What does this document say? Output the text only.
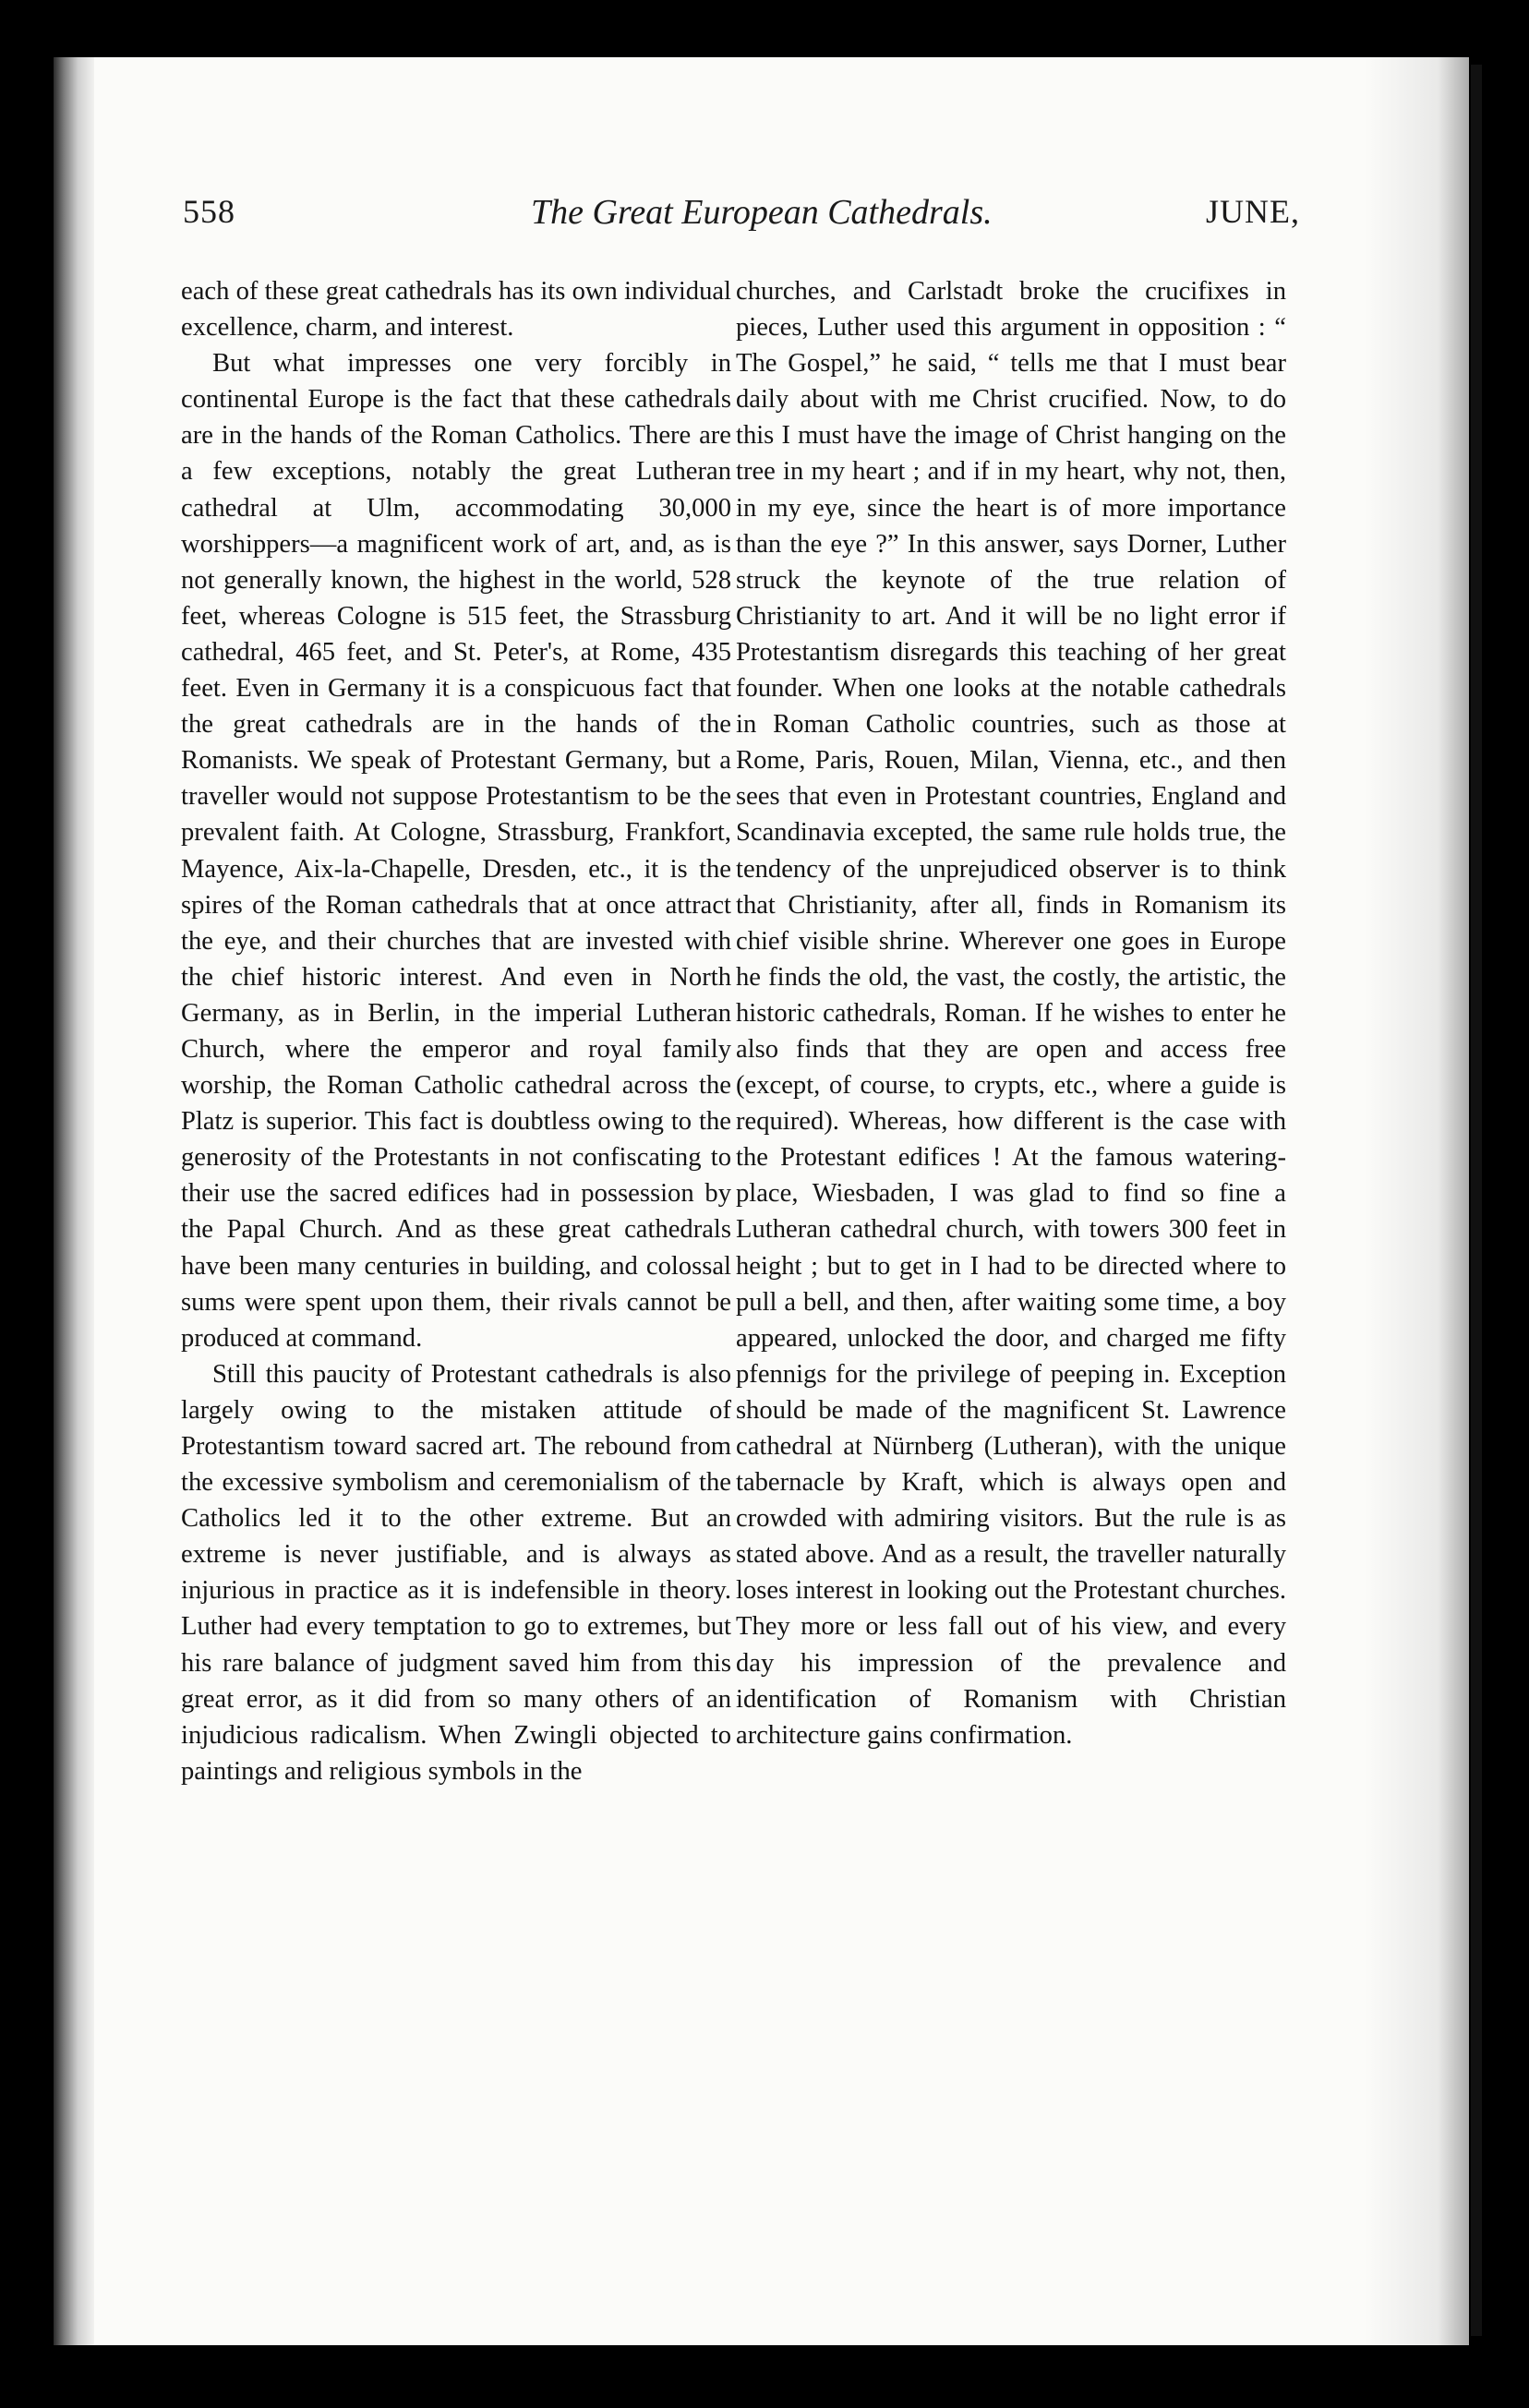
558	The Great European Cathedrals.	JUNE,

each of these great cathedrals has its own individual excellence, charm, and interest.

But what impresses one very forcibly in continental Europe is the fact that these cathedrals are in the hands of the Roman Catholics. There are a few exceptions, notably the great Lutheran cathedral at Ulm, accommodating 30,000 worshippers—a magnificent work of art, and, as is not generally known, the highest in the world, 528 feet, whereas Cologne is 515 feet, the Strassburg cathedral, 465 feet, and St. Peter's, at Rome, 435 feet. Even in Germany it is a conspicuous fact that the great cathedrals are in the hands of the Romanists. We speak of Protestant Germany, but a traveller would not suppose Protestantism to be the prevalent faith. At Cologne, Strassburg, Frankfort, Mayence, Aix-la-Chapelle, Dresden, etc., it is the spires of the Roman cathedrals that at once attract the eye, and their churches that are invested with the chief historic interest. And even in North Germany, as in Berlin, in the imperial Lutheran Church, where the emperor and royal family worship, the Roman Catholic cathedral across the Platz is superior. This fact is doubtless owing to the generosity of the Protestants in not confiscating to their use the sacred edifices had in possession by the Papal Church. And as these great cathedrals have been many centuries in building, and colossal sums were spent upon them, their rivals cannot be produced at command.

Still this paucity of Protestant cathedrals is also largely owing to the mistaken attitude of Protestantism toward sacred art. The rebound from the excessive symbolism and ceremonialism of the Catholics led it to the other extreme. But an extreme is never justifiable, and is always as injurious in practice as it is indefensible in theory. Luther had every temptation to go to extremes, but his rare balance of judgment saved him from this great error, as it did from so many others of an injudicious radicalism. When Zwingli objected to paintings and religious symbols in the

churches, and Carlstadt broke the crucifixes in pieces, Luther used this argument in opposition : “ The Gospel,” he said, “ tells me that I must bear daily about with me Christ crucified. Now, to do this I must have the image of Christ hanging on the tree in my heart ; and if in my heart, why not, then, in my eye, since the heart is of more importance than the eye ?” In this answer, says Dorner, Luther struck the keynote of the true relation of Christianity to art. And it will be no light error if Protestantism disregards this teaching of her great founder. When one looks at the notable cathedrals in Roman Catholic countries, such as those at Rome, Paris, Rouen, Milan, Vienna, etc., and then sees that even in Protestant countries, England and Scandinavia excepted, the same rule holds true, the tendency of the unprejudiced observer is to think that Christianity, after all, finds in Romanism its chief visible shrine. Wherever one goes in Europe he finds the old, the vast, the costly, the artistic, the historic cathedrals, Roman. If he wishes to enter he also finds that they are open and access free (except, of course, to crypts, etc., where a guide is required). Whereas, how different is the case with the Protestant edifices ! At the famous watering-place, Wiesbaden, I was glad to find so fine a Lutheran cathedral church, with towers 300 feet in height ; but to get in I had to be directed where to pull a bell, and then, after waiting some time, a boy appeared, unlocked the door, and charged me fifty pfennigs for the privilege of peeping in. Exception should be made of the magnificent St. Lawrence cathedral at Nürnberg (Lutheran), with the unique tabernacle by Kraft, which is always open and crowded with admiring visitors. But the rule is as stated above. And as a result, the traveller naturally loses interest in looking out the Protestant churches. They more or less fall out of his view, and every day his impression of the prevalence and identification of Romanism with Christian architecture gains confirmation.
